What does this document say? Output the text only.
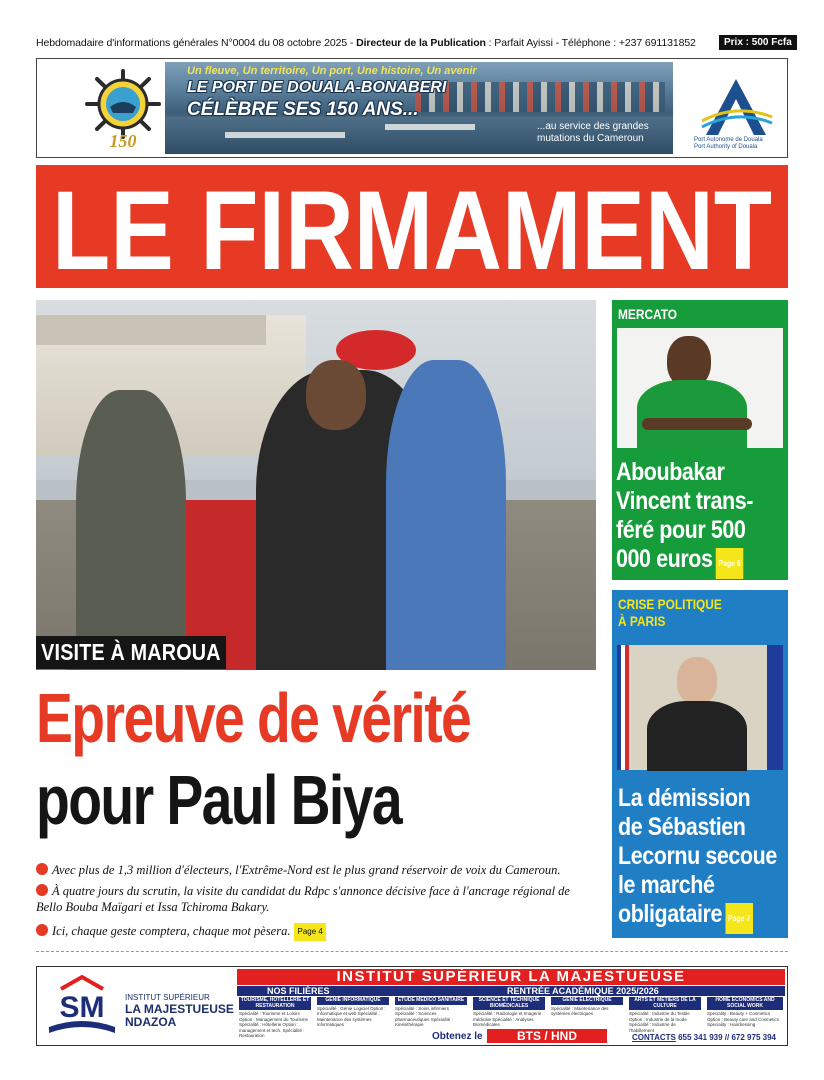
Hebdomadaire d'informations générales N°0004 du 08 octobre 2025 - Directeur de la Publication : Parfait Ayissi - Téléphone : +237 691131852	Prix : 500 Fcfa
150
Un fleuve, Un territoire, Un port, Une histoire, Un avenir
LE PORT DE DOUALA-BONABERI
CÉLÈBRE SES 150 ANS...
...au service des grandes mutations du Cameroun	Port Autonome de Douala
Port Authority of Douala
LE FIRMAMENT
VISITE À MAROUA
Epreuve de vérité
pour Paul Biya
Avec plus de 1,3 million d'électeurs, l'Extrême-Nord est le plus grand réservoir de voix du Cameroun.
À quatre jours du scrutin, la visite du candidat du Rdpc s'annonce décisive face à l'ancrage régional de Bello Bouba Maïgari et Issa Tchiroma Bakary.
Ici, chaque geste comptera, chaque mot pèsera. Page 4
MERCATO
Aboubakar
Vincent trans-
féré pour 500
000 euros Page 6
CRISE POLITIQUE
À PARIS
La démission
de Sébastien
Lecornu secoue
le marché
obligataire Page 7
SM	INSTITUT SUPÉRIEUR
LA MAJESTUEUSE
NDAZOA
INSTITUT SUPÉRIEUR LA MAJESTUEUSE
NOS FILIÈRES	RENTRÉE ACADÉMIQUE 2025/2026
TOURISME, HÔTELLERIE ET RESTAURATION
Spécialité : Tourisme et Loisirs Option : Management du Tourisme Spécialité : Hôtellerie Option : management et tech. Spécialité : Restauration
GÉNIE INFORMATIQUE
Spécialité : Génie Logiciel Option : Informatique et web Spécialité : Maintenance des systèmes informatiques
ÉTUDE MÉDICO SANITAIRE
Spécialité : Soins infirmiers Spécialité : Sciences pharmaceutiques Spécialité : Kinésithérapie
SCIENCE ET TECHNIQUE BIOMÉDICALES
Spécialité : Radiologie et Imagerie médicale Spécialité : Analyses Biomédicales
GÉNIE ÉLECTRIQUE
Spécialité : Maintenance des systèmes électriques
ARTS ET MÉTIERS DE LA CULTURE
Spécialité : Industrie du Textile Option : Industrie de la mode Spécialité : Industrie de l'habillement
HOME ECONOMICS AND SOCIAL WORK
Speciality : Beauty + Cosmetics Option : Beauty care and Cosmetics Speciality : Hairdressing
Obtenez le	BTS / HND	CONTACTS 655 341 939 // 672 975 394
